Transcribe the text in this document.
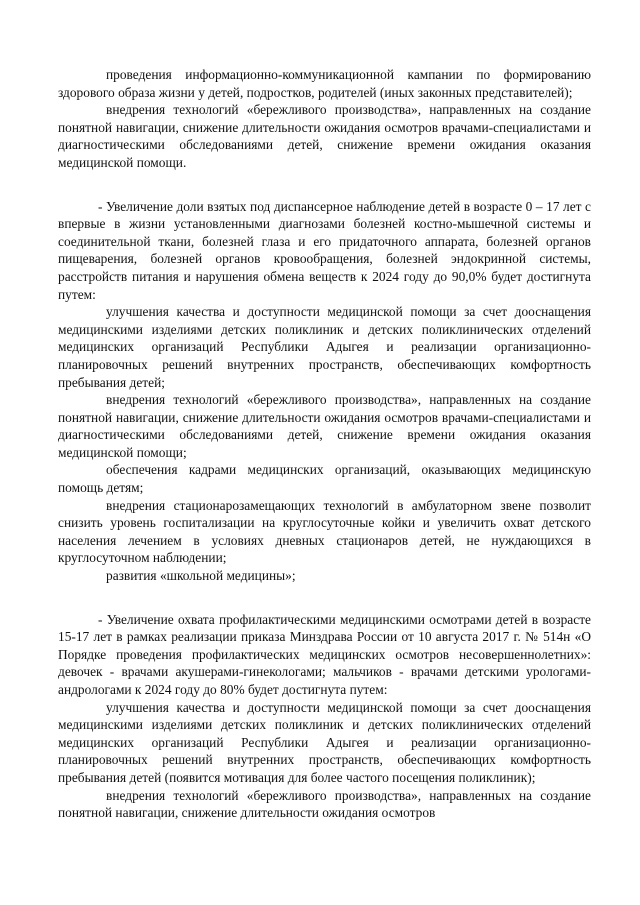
проведения информационно-коммуникационной кампании по формированию здорового образа жизни у детей, подростков, родителей (иных законных представителей);

внедрения технологий «бережливого производства», направленных на создание понятной навигации, снижение длительности ожидания осмотров врачами-специалистами и диагностическими обследованиями детей, снижение времени ожидания оказания медицинской помощи.

- Увеличение доли взятых под диспансерное наблюдение детей в возрасте 0 – 17 лет с впервые в жизни установленными диагнозами болезней костно-мышечной системы и соединительной ткани, болезней глаза и его придаточного аппарата, болезней органов пищеварения, болезней органов кровообращения, болезней эндокринной системы, расстройств питания и нарушения обмена веществ к 2024 году до 90,0% будет достигнута путем:

улучшения качества и доступности медицинской помощи за счет дооснащения медицинскими изделиями детских поликлиник и детских поликлинических отделений медицинских организаций Республики Адыгея и реализации организационно-планировочных решений внутренних пространств, обеспечивающих комфортность пребывания детей;

внедрения технологий «бережливого производства», направленных на создание понятной навигации, снижение длительности ожидания осмотров врачами-специалистами и диагностическими обследованиями детей, снижение времени ожидания оказания медицинской помощи;

обеспечения кадрами медицинских организаций, оказывающих медицинскую помощь детям;

внедрения стационарозамещающих технологий в амбулаторном звене позволит снизить уровень госпитализации на круглосуточные койки и увеличить охват детского населения лечением в условиях дневных стационаров детей, не нуждающихся в круглосуточном наблюдении;

развития «школьной медицины»;

- Увеличение охвата профилактическими медицинскими осмотрами детей в возрасте 15-17 лет в рамках реализации приказа Минздрава России от 10 августа 2017 г. № 514н «О Порядке проведения профилактических медицинских осмотров несовершеннолетних»: девочек - врачами акушерами-гинекологами; мальчиков - врачами детскими урологами-андрологами к 2024 году до 80% будет достигнута путем:

улучшения качества и доступности медицинской помощи за счет дооснащения медицинскими изделиями детских поликлиник и детских поликлинических отделений медицинских организаций Республики Адыгея и реализации организационно-планировочных решений внутренних пространств, обеспечивающих комфортность пребывания детей (появится мотивация для более частого посещения поликлиник);

внедрения технологий «бережливого производства», направленных на создание понятной навигации, снижение длительности ожидания осмотров
